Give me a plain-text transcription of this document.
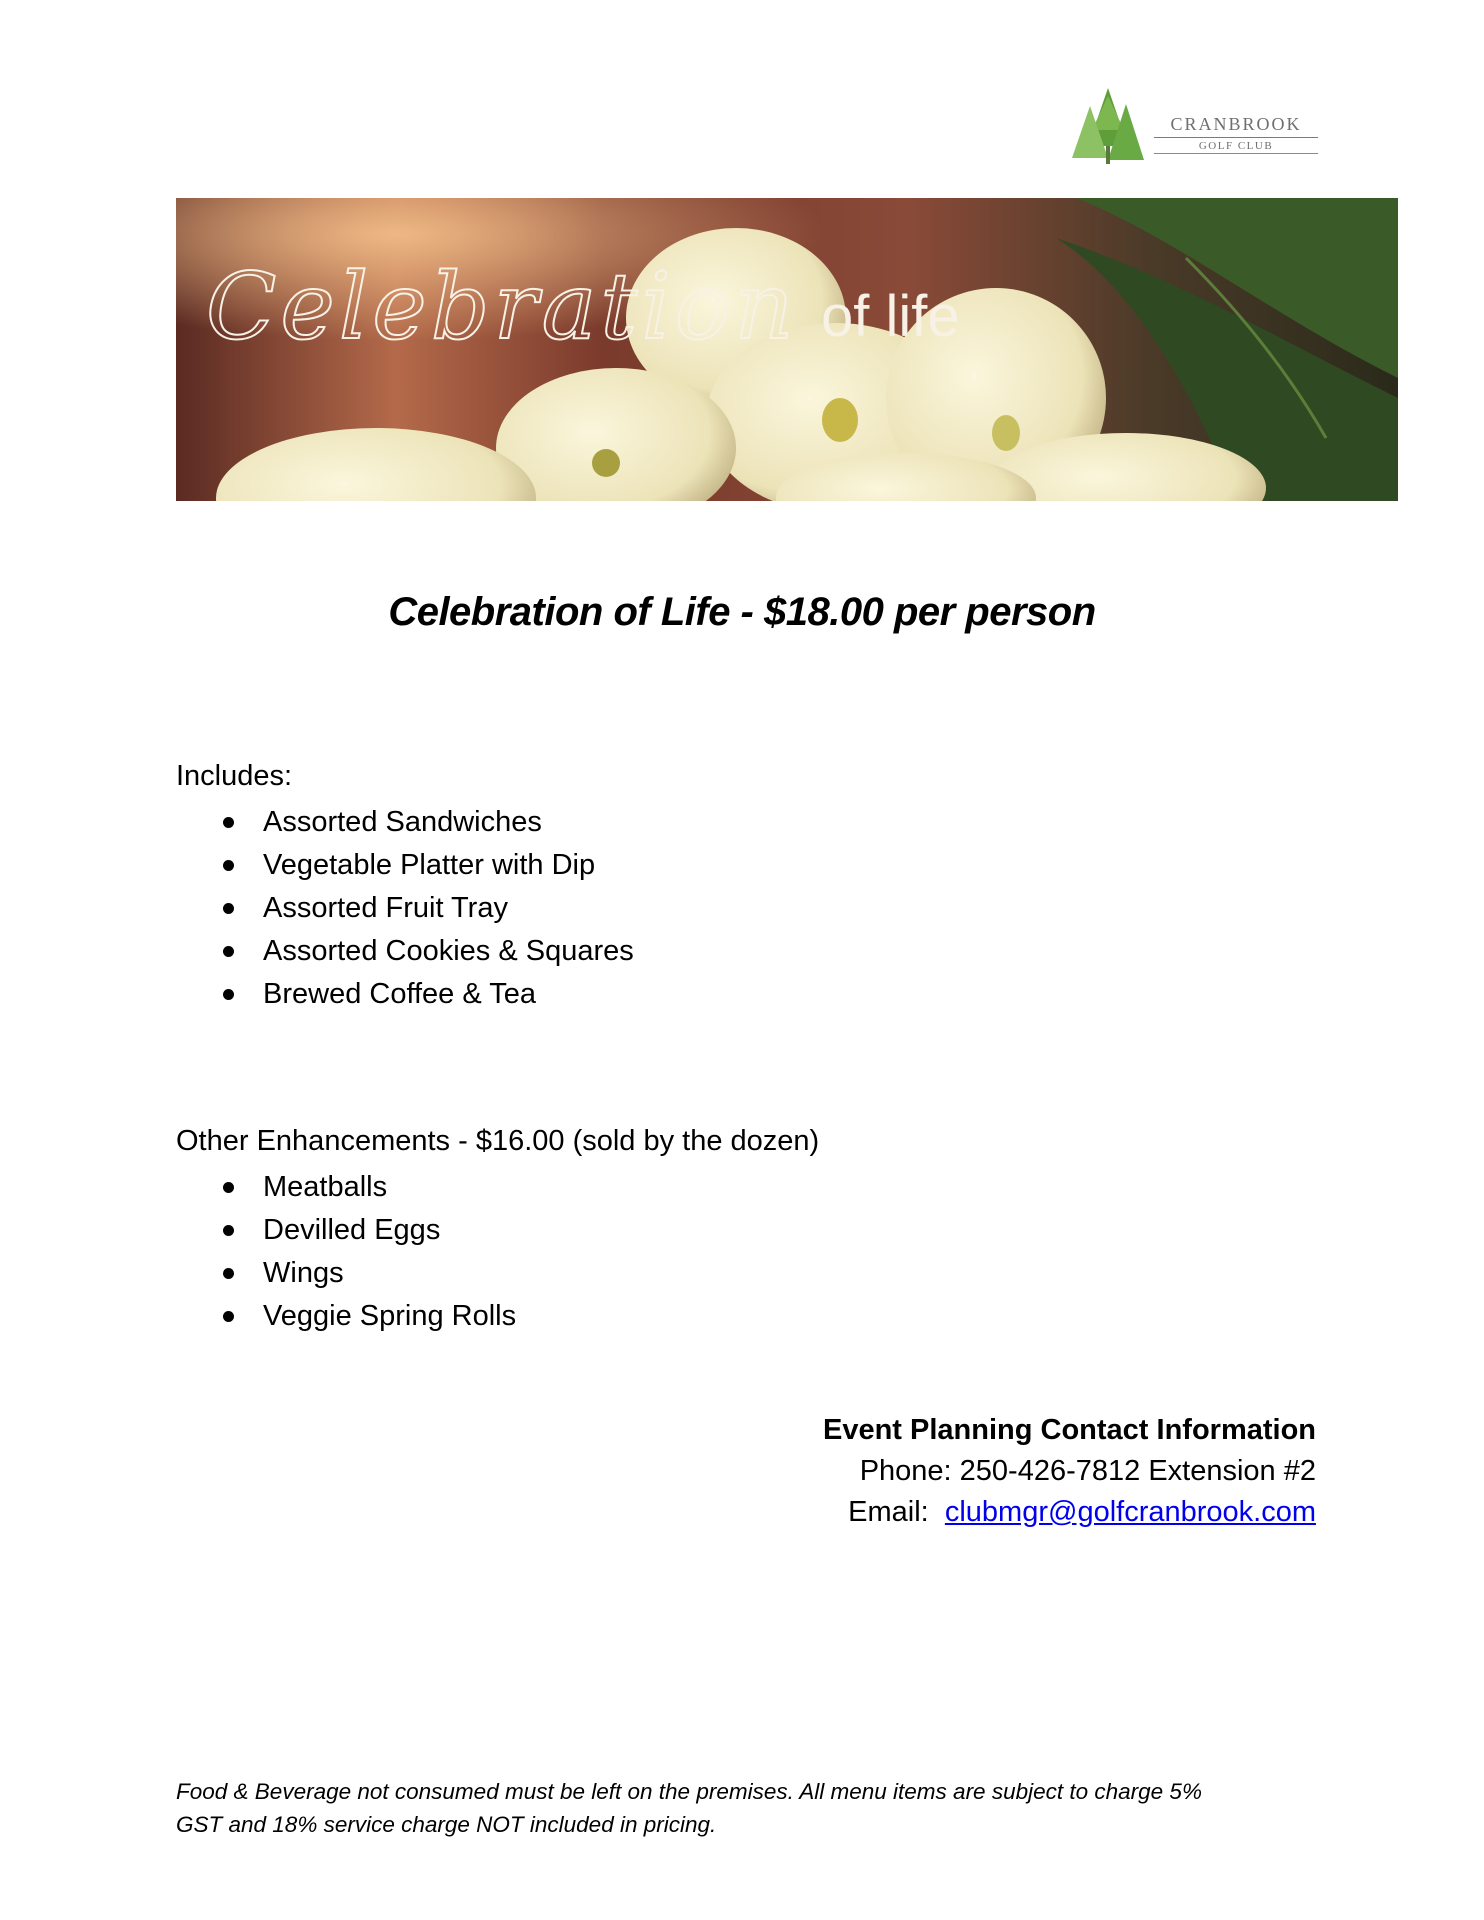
CRANBROOK
GOLF CLUB
Celebration of life
Celebration of Life - $18.00 per person
Includes:
Assorted Sandwiches
Vegetable Platter with Dip
Assorted Fruit Tray
Assorted Cookies & Squares
Brewed Coffee & Tea
Other Enhancements - $16.00 (sold by the dozen)
Meatballs
Devilled Eggs
Wings
Veggie Spring Rolls
Event Planning Contact Information
Phone: 250-426-7812 Extension #2
Email:  clubmgr@golfcranbrook.com
Food & Beverage not consumed must be left on the premises. All menu items are subject to charge 5%
GST and 18% service charge NOT included in pricing.
